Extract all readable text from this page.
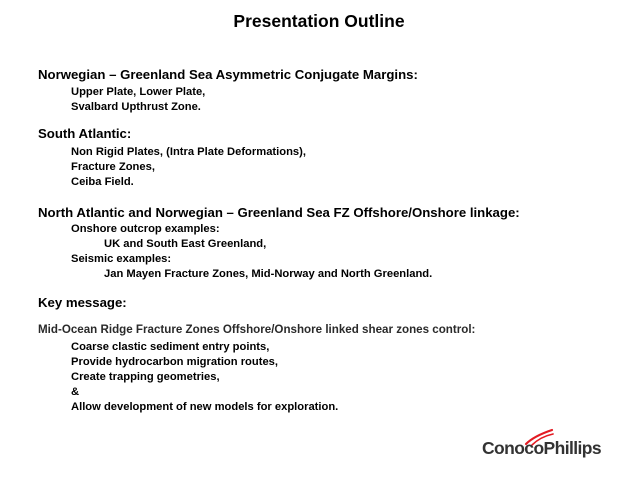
Presentation Outline
Norwegian – Greenland Sea Asymmetric Conjugate Margins:
Upper Plate, Lower Plate,
Svalbard Upthrust Zone.
South Atlantic:
Non Rigid Plates, (Intra Plate Deformations),
Fracture Zones,
Ceiba Field.
North Atlantic and Norwegian – Greenland Sea FZ Offshore/Onshore linkage:
Onshore outcrop examples:
UK and South East Greenland,
Seismic examples:
Jan Mayen Fracture Zones, Mid-Norway and North Greenland.
Key message:
Mid-Ocean Ridge Fracture Zones Offshore/Onshore linked shear zones control:
Coarse clastic sediment entry points,
Provide hydrocarbon migration routes,
Create trapping geometries,
&
Allow development of new models for exploration.
ConocoPhillips
